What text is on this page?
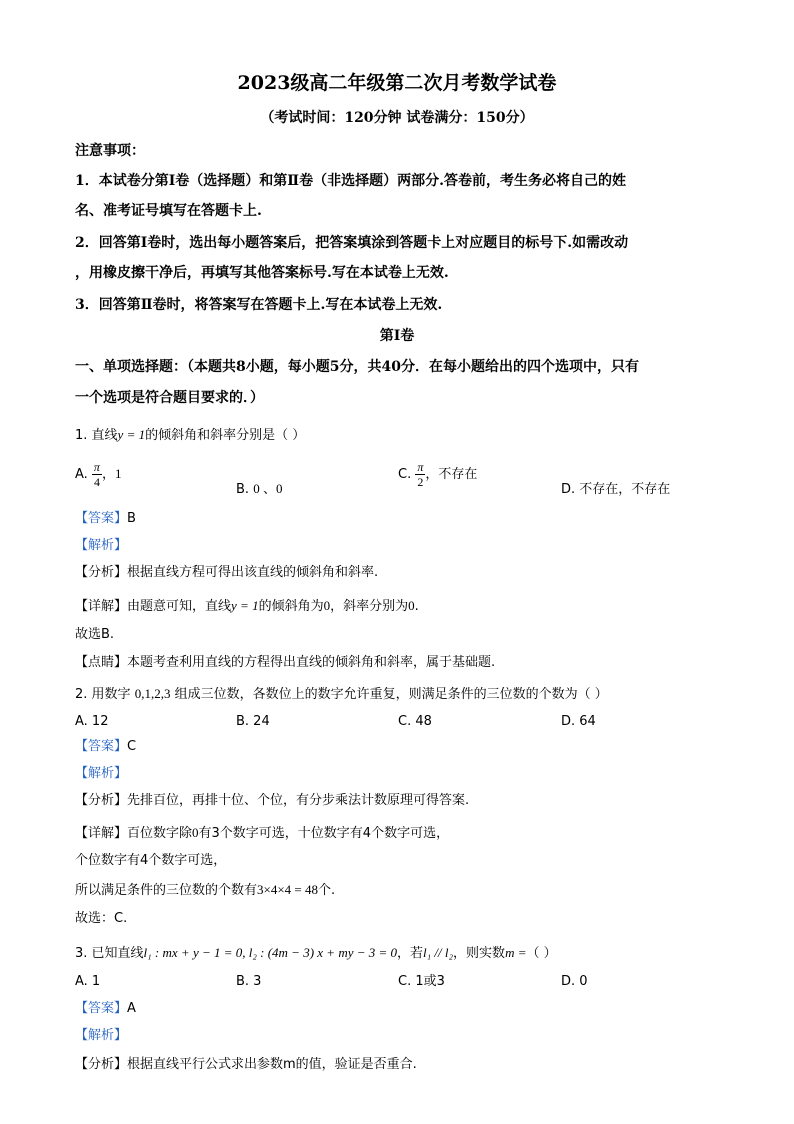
2023级高二年级第二次月考数学试卷
（考试时间：120分钟 试卷满分：150分）
注意事项：
1．本试卷分第Ⅰ卷（选择题）和第Ⅱ卷（非选择题）两部分.答卷前，考生务必将自己的姓
名、准考证号填写在答题卡上.
2．回答第Ⅰ卷时，选出每小题答案后，把答案填涂到答题卡上对应题目的标号下.如需改动
，用橡皮擦干净后，再填写其他答案标号.写在本试卷上无效.
3．回答第Ⅱ卷时，将答案写在答题卡上.写在本试卷上无效.
第Ⅰ卷
一、单项选择题：（本题共8小题，每小题5分，共40分．在每小题给出的四个选项中，只有
一个选项是符合题目要求的．）
1. 直线y = 1的倾斜角和斜率分别是（ ）
A. $\frac{\pi}{4}$ ，1
B. 0 、0
C. $\frac{\pi}{2}$ ，不存在
D. 不存在，不存在
【答案】B
【解析】
【分析】根据直线方程可得出该直线的倾斜角和斜率.
【详解】由题意可知，直线y = 1的倾斜角为0，斜率分别为0.
故选B.
【点睛】本题考查利用直线的方程得出直线的倾斜角和斜率，属于基础题.
2. 用数字 0,1,2,3 组成三位数，各数位上的数字允许重复，则满足条件的三位数的个数为（ ）
A. 12	B. 24	C. 48	D. 64
【答案】C
【解析】
【分析】先排百位，再排十位、个位，有分步乘法计数原理可得答案.
【详解】百位数字除0有3个数字可选，十位数字有4个数字可选，
个位数字有4个数字可选，
所以满足条件的三位数的个数有3×4×4 = 48个.
故选：C.
3. 已知直线l₁ : mx + y − 1 = 0, l₂ : (4m − 3) x + my − 3 = 0，若l₁ // l₂，则实数m =（ ）
A. 1	B. 3	C. 1或3	D. 0
【答案】A
【解析】
【分析】根据直线平行公式求出参数m的值，验证是否重合.
